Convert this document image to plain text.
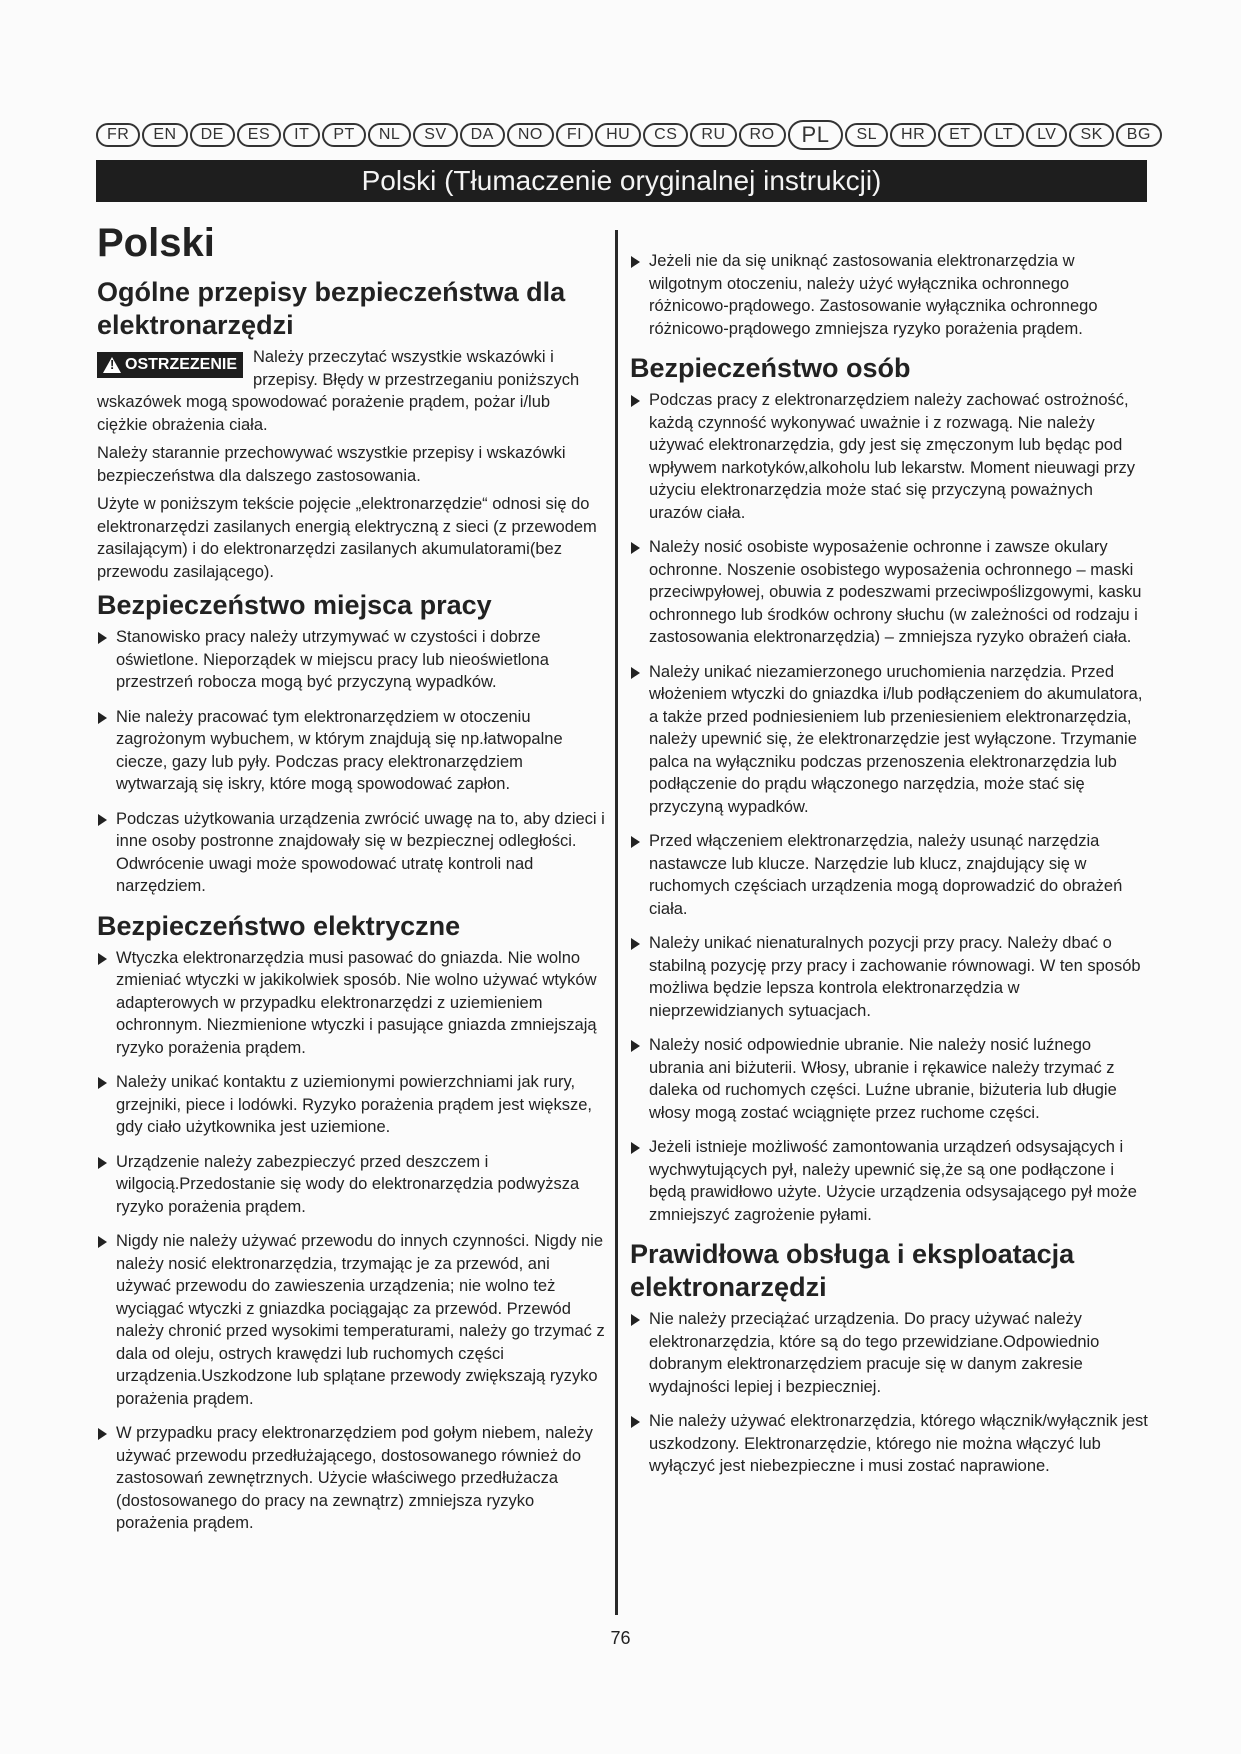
FR	EN	DE	ES	IT	PT	NL	SV	DA	NO	FI	HU	CS	RU	RO	PL	SL	HR	ET	LT	LV	SK	BG
Polski (Tłumaczenie oryginalnej instrukcji)
Polski
Ogólne przepisy bezpieczeństwa dla elektronarzędzi
!
OSTRZEZENIE Należy przeczytać wszystkie wskazówki i przepisy. Błędy w przestrzeganiu poniższych wskazówek mogą spowodować porażenie prądem, pożar i/lub ciężkie obrażenia ciała.

Należy starannie przechowywać wszystkie przepisy i wskazówki bezpieczeństwa dla dalszego zastosowania.

Użyte w poniższym tekście pojęcie „elektronarzędzie“ odnosi się do elektronarzędzi zasilanych energią elektryczną z sieci (z przewodem zasilającym) i do elektronarzędzi zasilanych akumulatorami(bez przewodu zasilającego).

Bezpieczeństwo miejsca pracy
Stanowisko pracy należy utrzymywać w czystości i dobrze oświetlone. Nieporządek w miejscu pracy lub nieoświetlona przestrzeń robocza mogą być przyczyną wypadków.
Nie należy pracować tym elektronarzędziem w otoczeniu zagrożonym wybuchem, w którym znajdują się np.łatwopalne ciecze, gazy lub pyły. Podczas pracy elektronarzędziem wytwarzają się iskry, które mogą spowodować zapłon.
Podczas użytkowania urządzenia zwrócić uwagę na to, aby dzieci i inne osoby postronne znajdowały się w bezpiecznej odległości. Odwrócenie uwagi może spowodować utratę kontroli nad narzędziem.
Bezpieczeństwo elektryczne
Wtyczka elektronarzędzia musi pasować do gniazda. Nie wolno zmieniać wtyczki w jakikolwiek sposób. Nie wolno używać wtyków adapterowych w przypadku elektronarzędzi z uziemieniem ochronnym. Niezmienione wtyczki i pasujące gniazda zmniejszają ryzyko porażenia prądem.
Należy unikać kontaktu z uziemionymi powierzchniami jak rury, grzejniki, piece i lodówki. Ryzyko porażenia prądem jest większe, gdy ciało użytkownika jest uziemione.
Urządzenie należy zabezpieczyć przed deszczem i wilgocią.Przedostanie się wody do elektronarzędzia podwyższa ryzyko porażenia prądem.
Nigdy nie należy używać przewodu do innych czynności. Nigdy nie należy nosić elektronarzędzia, trzymając je za przewód, ani używać przewodu do zawieszenia urządzenia; nie wolno też wyciągać wtyczki z gniazdka pociągając za przewód. Przewód należy chronić przed wysokimi temperaturami, należy go trzymać z dala od oleju, ostrych krawędzi lub ruchomych części urządzenia.Uszkodzone lub splątane przewody zwiększają ryzyko porażenia prądem.
W przypadku pracy elektronarzędziem pod gołym niebem, należy używać przewodu przedłużającego, dostosowanego również do zastosowań zewnętrznych. Użycie właściwego przedłużacza (dostosowanego do pracy na zewnątrz) zmniejsza ryzyko porażenia prądem.
Jeżeli nie da się uniknąć zastosowania elektronarzędzia w wilgotnym otoczeniu, należy użyć wyłącznika ochronnego różnicowo-prądowego. Zastosowanie wyłącznika ochronnego różnicowo-prądowego zmniejsza ryzyko porażenia prądem.
Bezpieczeństwo osób
Podczas pracy z elektronarzędziem należy zachować ostrożność, każdą czynność wykonywać uważnie i z rozwagą. Nie należy używać elektronarzędzia, gdy jest się zmęczonym lub będąc pod wpływem narkotyków,alkoholu lub lekarstw. Moment nieuwagi przy użyciu elektronarzędzia może stać się przyczyną poważnych urazów ciała.
Należy nosić osobiste wyposażenie ochronne i zawsze okulary ochronne. Noszenie osobistego wyposażenia ochronnego – maski przeciwpyłowej, obuwia z podeszwami przeciwpoślizgowymi, kasku ochronnego lub środków ochrony słuchu (w zależności od rodzaju i zastosowania elektronarzędzia) – zmniejsza ryzyko obrażeń ciała.
Należy unikać niezamierzonego uruchomienia narzędzia. Przed włożeniem wtyczki do gniazdka i/lub podłączeniem do akumulatora, a także przed podniesieniem lub przeniesieniem elektronarzędzia, należy upewnić się, że elektronarzędzie jest wyłączone. Trzymanie palca na wyłączniku podczas przenoszenia elektronarzędzia lub podłączenie do prądu włączonego narzędzia, może stać się przyczyną wypadków.
Przed włączeniem elektronarzędzia, należy usunąć narzędzia nastawcze lub klucze. Narzędzie lub klucz, znajdujący się w ruchomych częściach urządzenia mogą doprowadzić do obrażeń ciała.
Należy unikać nienaturalnych pozycji przy pracy. Należy dbać o stabilną pozycję przy pracy i zachowanie równowagi. W ten sposób możliwa będzie lepsza kontrola elektronarzędzia w nieprzewidzianych sytuacjach.
Należy nosić odpowiednie ubranie. Nie należy nosić luźnego ubrania ani biżuterii. Włosy, ubranie i rękawice należy trzymać z daleka od ruchomych części. Luźne ubranie, biżuteria lub długie włosy mogą zostać wciągnięte przez ruchome części.
Jeżeli istnieje możliwość zamontowania urządzeń odsysających i wychwytujących pył, należy upewnić się,że są one podłączone i będą prawidłowo użyte. Użycie urządzenia odsysającego pył może zmniejszyć zagrożenie pyłami.
Prawidłowa obsługa i eksploatacja elektronarzędzi
Nie należy przeciążać urządzenia. Do pracy używać należy elektronarzędzia, które są do tego przewidziane.Odpowiednio dobranym elektronarzędziem pracuje się w danym zakresie wydajności lepiej i bezpieczniej.
Nie należy używać elektronarzędzia, którego włącznik/wyłącznik jest uszkodzony. Elektronarzędzie, którego nie można włączyć lub wyłączyć jest niebezpieczne i musi zostać naprawione.
76
